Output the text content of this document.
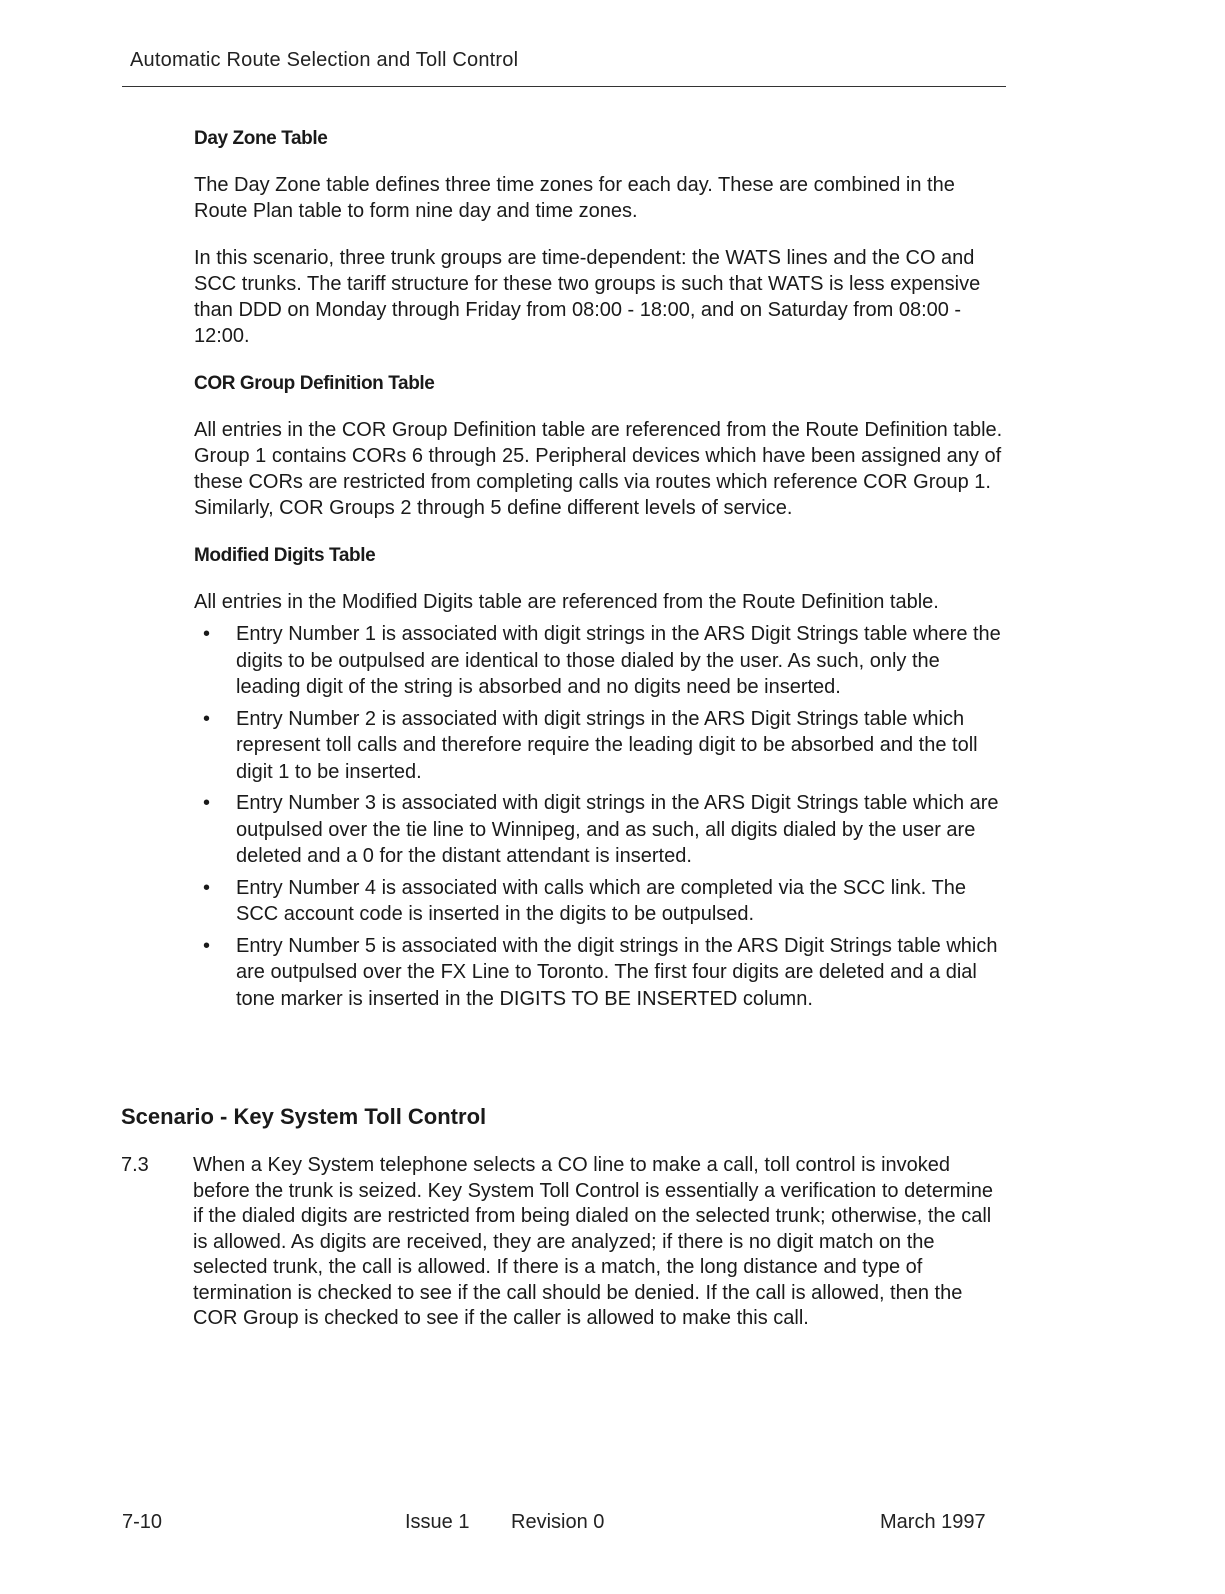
Automatic Route Selection and Toll Control
Day Zone Table

The Day Zone table defines three time zones for each day. These are combined in the Route Plan table to form nine day and time zones.

In this scenario, three trunk groups are time-dependent: the WATS lines and the CO and SCC trunks. The tariff structure for these two groups is such that WATS is less expensive than DDD on Monday through Friday from 08:00 - 18:00, and on Saturday from 08:00 - 12:00.

COR Group Definition Table

All entries in the COR Group Definition table are referenced from the Route Definition table. Group 1 contains CORs 6 through 25. Peripheral devices which have been assigned any of these CORs are restricted from completing calls via routes which reference COR Group 1. Similarly, COR Groups 2 through 5 define different levels of service.

Modified Digits Table

All entries in the Modified Digits table are referenced from the Route Definition table.

• Entry Number 1 is associated with digit strings in the ARS Digit Strings table where the digits to be outpulsed are identical to those dialed by the user. As such, only the leading digit of the string is absorbed and no digits need be inserted.
• Entry Number 2 is associated with digit strings in the ARS Digit Strings table which represent toll calls and therefore require the leading digit to be absorbed and the toll digit 1 to be inserted.
• Entry Number 3 is associated with digit strings in the ARS Digit Strings table which are outpulsed over the tie line to Winnipeg, and as such, all digits dialed by the user are deleted and a 0 for the distant attendant is inserted.
• Entry Number 4 is associated with calls which are completed via the SCC link. The SCC account code is inserted in the digits to be outpulsed.
• Entry Number 5 is associated with the digit strings in the ARS Digit Strings table which are outpulsed over the FX Line to Toronto. The first four digits are deleted and a dial tone marker is inserted in the DIGITS TO BE INSERTED column.
Scenario - Key System Toll Control
7.3 When a Key System telephone selects a CO line to make a call, toll control is invoked before the trunk is seized. Key System Toll Control is essentially a verification to determine if the dialed digits are restricted from being dialed on the selected trunk; otherwise, the call is allowed. As digits are received, they are analyzed; if there is no digit match on the selected trunk, the call is allowed. If there is a match, the long distance and type of termination is checked to see if the call should be denied. If the call is allowed, then the COR Group is checked to see if the caller is allowed to make this call.
7-10	Issue 1 Revision 0	March 1997
